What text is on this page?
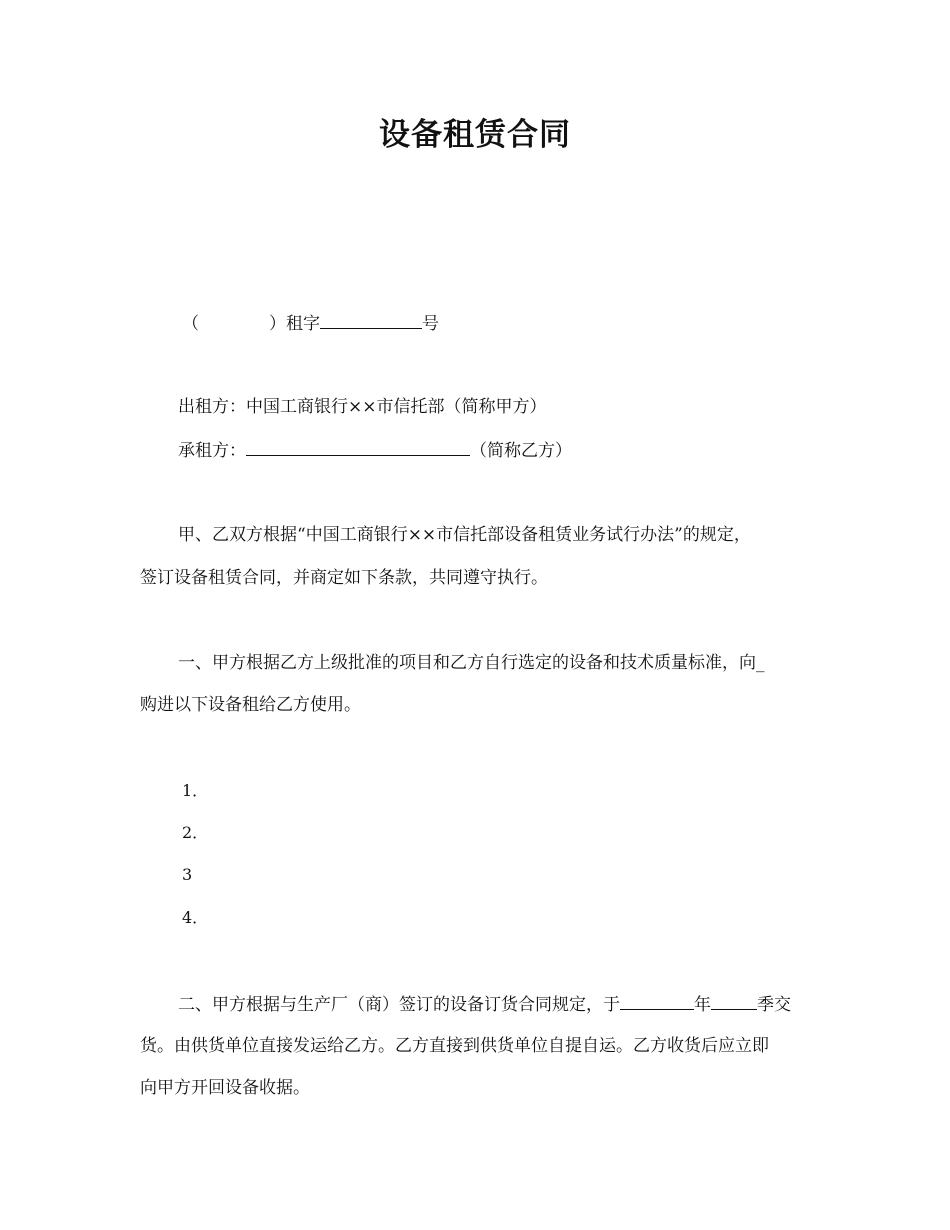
设备租赁合同
（	）租字	号
出租方：中国工商银行××市信托部（简称甲方）
承租方：	（简称乙方）
甲、乙双方根据“中国工商银行××市信托部设备租赁业务试行办法”的规定，
签订设备租赁合同，并商定如下条款，共同遵守执行。
一、甲方根据乙方上级批准的项目和乙方自行选定的设备和技术质量标准，向_
购进以下设备租给乙方使用。
1．
2．
3
4．
二、甲方根据与生产厂（商）签订的设备订货合同规定，于	年	季交
货。由供货单位直接发运给乙方。乙方直接到供货单位自提自运。乙方收货后应立即
向甲方开回设备收据。
